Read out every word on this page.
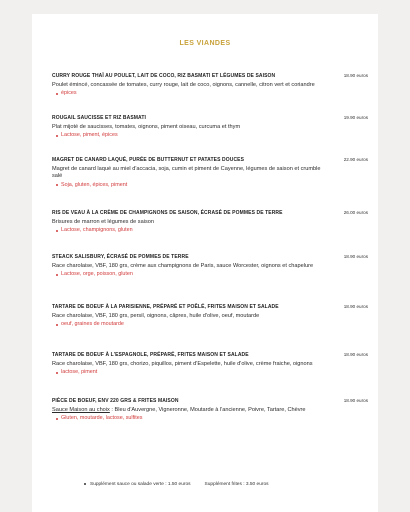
LES VIANDES
CURRY ROUGE THAÏ AU POULET, LAIT DE COCO, RIZ BASMATI ET LÉGUMES DE SAISON	18.90 euros
Poulet émincé, concassée de tomates, curry rouge, lait de coco, oignons, cannelle, citron vert et coriandre
épices
ROUGAIL SAUCISSE ET RIZ BASMATI	19.90 euros
Plat mijoté de saucisses, tomates, oignons, piment oiseau, curcuma et thym
Lactose, piment, épices
MAGRET DE CANARD LAQUÉ, PURÉE DE BUTTERNUT ET PATATES DOUCES	22.90 euros
Magret de canard laqué au miel d'accacia, soja, cumin et piment de Cayenne, légumes de saison et crumble salé
Soja, gluten, épices, piment
RIS DE VEAU À LA CRÈME DE CHAMPIGNONS DE SAISON, ÉCRASÉ DE POMMES DE TERRE	26.00 euros
Brisures de marron et légumes de saison
Lactose, champignons, gluten
STEACK SALISBURY, ÉCRASÉ DE POMMES DE TERRE	18.90 euros
Race charolaise, VBF, 180 grs, crème aux champignons de Paris, sauce Worcester, oignons et chapelure
Lactose, orge, poisson, gluten
TARTARE DE BOEUF À LA PARISIENNE, PRÉPARÉ ET POÊLÉ, FRITES MAISON ET SALADE	18.90 euros
Race charolaise, VBF, 180 grs, persil, oignons, câpres, huile d'olive, oeuf, moutarde
oeuf, graines de moutarde
TARTARE DE BOEUF À L'ESPAGNOLE, PRÉPARÉ, FRITES MAISON ET SALADE	18.90 euros
Race charolaise, VBF, 180 grs, chorizo, piquillos, piment d'Espelette, huile d'olive, crème fraiche, oignons
lactose, piment
PIÈCE DE BOEUF, ENV 220 GRS & FRITES MAISON	18.90 euros
Sauce Maison au choix : Bleu d'Auvergne, Vigneronne, Moutarde à l'ancienne, Poivre, Tartare, Chèvre
Gluten, moutarde, lactose, sulfites
Supplément sauce ou salade verte : 1.50 euros	Supplément frites : 3.50 euros
